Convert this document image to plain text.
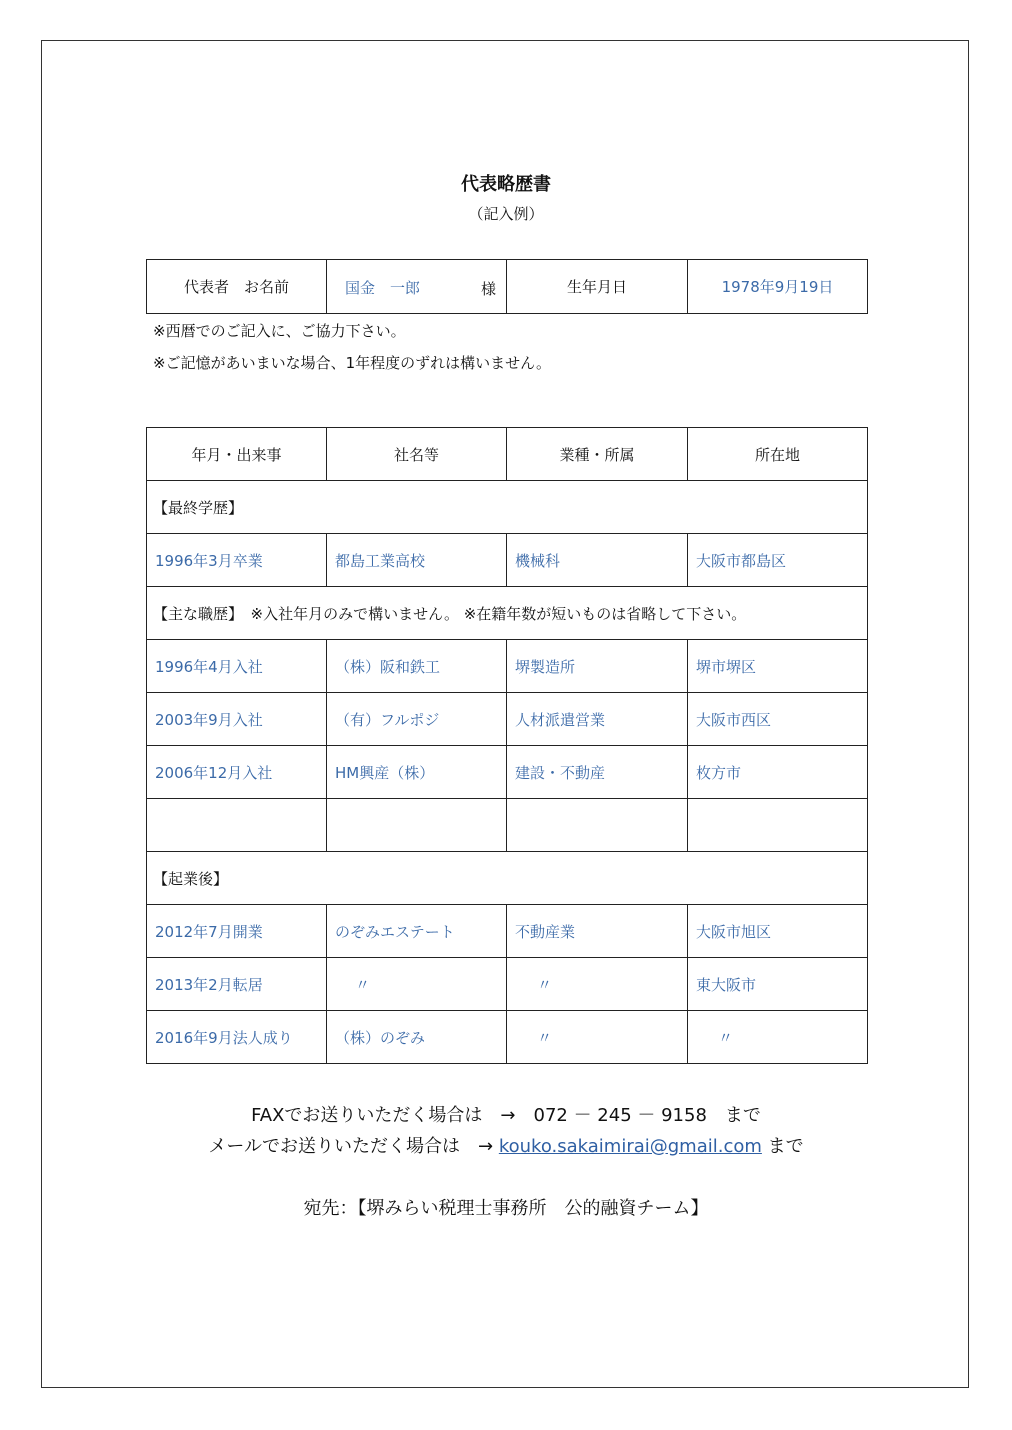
代表略歴書
（記入例）
代表者　お名前	国金　一郎	様	生年月日	1978年9月19日
※西暦でのご記入に、ご協力下さい。
※ご記憶があいまいな場合、1年程度のずれは構いません。
年月・出来事	社名等	業種・所属	所在地
【最終学歴】			
1996年3月卒業	都島工業高校	機械科	大阪市都島区
【主な職歴】　※入社年月のみで構いません。 ※在籍年数が短いものは省略して下さい。			
1996年4月入社	（株）阪和鉄工	堺製造所	堺市堺区
2003年9月入社	（有）フルポジ	人材派遣営業	大阪市西区
2006年12月入社	HM興産（株）	建設・不動産	枚方市

【起業後】			
2012年7月開業	のぞみエステート	不動産業	大阪市旭区
2013年2月転居	〃	〃	東大阪市
2016年9月法人成り	（株）のぞみ	〃	〃
FAXでお送りいただく場合は　→　072 － 245 － 9158　まで
メールでお送りいただく場合は　→ kouko.sakaimirai@gmail.com まで
宛先：【堺みらい税理士事務所　公的融資チーム】
